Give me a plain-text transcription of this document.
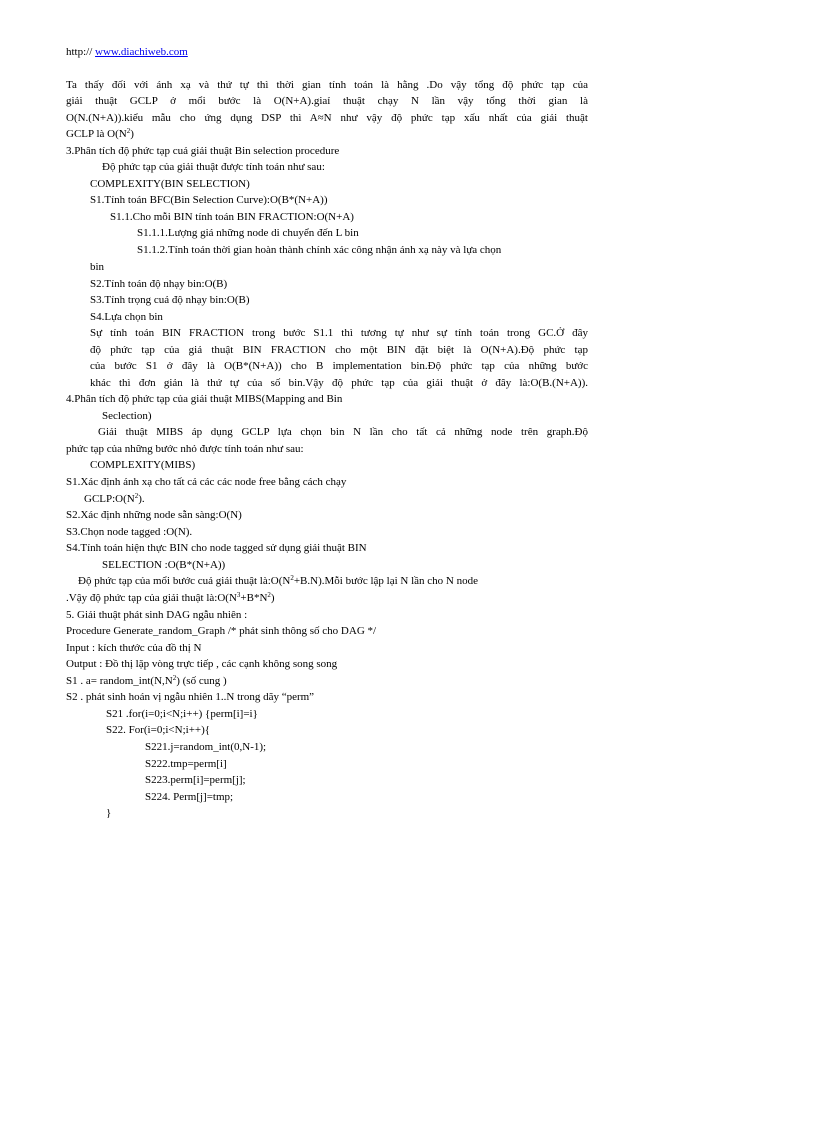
http:// www.diachiweb.com
Ta thấy đối với ánh xạ và thứ tự thì thời gian tính toán là hằng .Do vậy tổng độ phức tạp của
giải thuật GCLP ở mổi bước là O(N+A).giaỉ thuật chạy N lần vậy tổng thời gian là
O(N.(N+A)).kiểu mẫu cho ứng dụng DSP thì A≈N như vậy độ phức tạp xấu nhất của giải thuật
GCLP là $O(N^2)$
3.Phân tích độ phức tạp cuả giải thuật Bin selection procedure
Độ phức tạp của giải thuật được tính toán như sau:
COMPLEXITY(BIN SELECTION)
S1.Tính toán BFC(Bin Selection Curve):O(B*(N+A))
S1.1.Cho mỗi BIN tính toán BIN FRACTION:O(N+A)
S1.1.1.Lượng giá những node di chuyển đến L bin
S1.1.2.Tính toán thời gian hoàn thành chính xác công nhận ánh xạ này và lựa chọn
bin
S2.Tính toán độ nhạy bin:O(B)
S3.Tính trọng cuả độ nhạy bin:O(B)
S4.Lựa chọn bin
Sự tính toán BIN FRACTION trong bước S1.1 thì tương tự như sự tính toán trong GC.Ở đây
độ phức tạp của giả thuật BIN FRACTION cho một BIN đặt biệt là O(N+A).Độ phức tạp
của bước S1 ở đây là O(B*(N+A)) cho B implementation bin.Độ phức tạp của những bước
khác thì đơn giản là thứ tự của số bin.Vậy độ phức tạp của giải thuật ở đây là:O(B.(N+A)).
4.Phân tích độ phức tạp của giải thuật MIBS(Mapping and Bin
Seclection)
Giải thuật MIBS áp dụng GCLP lựa chọn bin N lần cho tất cả những node trên graph.Độ
phức tạp của những bước nhỏ được tính toán như sau:
COMPLEXITY(MIBS)
S1.Xác định ánh xạ cho tất cả các các node free bằng cách chạy
$GCLP:O(N^2)$.
S2.Xác định những node sẵn sàng:O(N)
S3.Chọn node tagged :O(N).
S4.Tính toán hiện thực BIN cho node tagged sử dụng giải thuật BIN
SELECTION :O(B*(N+A))
Độ phức tạp của mổi bước cuả giải thuật $là:O(N^2+B.N).Mỗi$ bước lập lại N lần cho N node
.Vậy độ phức tạp của giải thuật $là:O(N^3+B*N^2)$
5. Giải thuật phát sinh DAG ngẫu nhiên :
Procedure Generate_random_Graph /* phát sinh thông số cho DAG */
Input : kích thước của đồ thị N
Output : Đồ thị lặp vòng trực tiếp , các cạnh không song song
S1 . $a= random\_int(N,N^2)$ (số cung )
S2 . phát sinh hoán vị ngẫu nhiên 1..N trong dãy “perm”
S21 .for(i=0;i<N;i++) {perm[i]=i}
S22. For(i=0;i<N;i++){
S221.j=random_int(0,N-1);
S222.tmp=perm[i]
S223.perm[i]=perm[j];
S224. Perm[j]=tmp;
}
